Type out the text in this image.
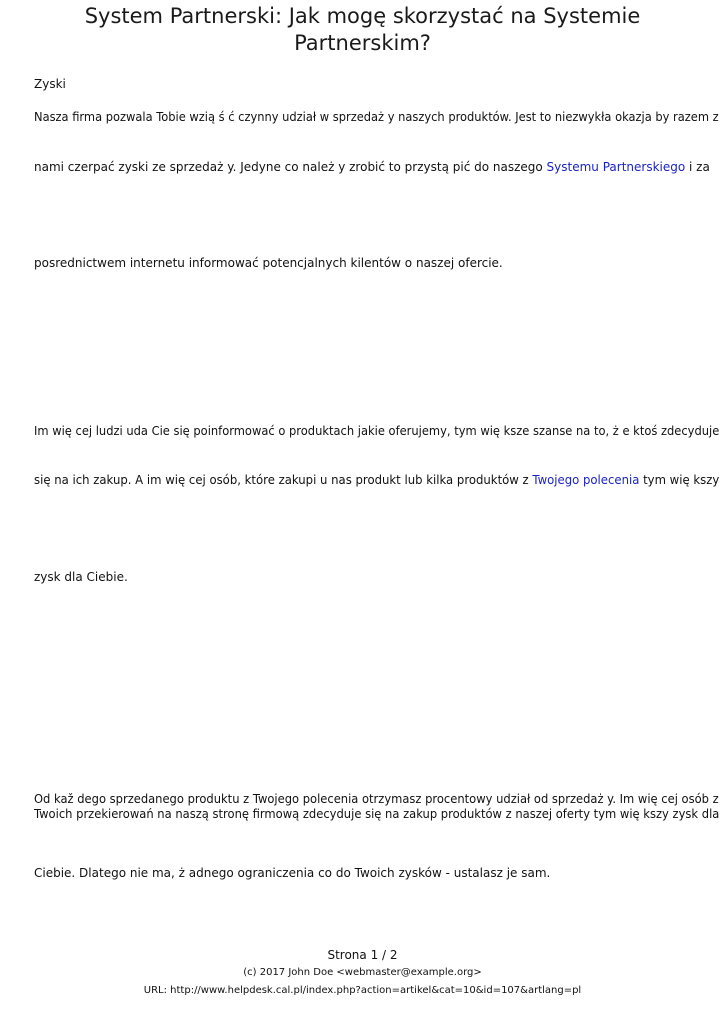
System Partnerski: Jak mogę skorzystać na Systemie Partnerskim?
Zyski
Nasza firma pozwala Tobie wzią ś ć czynny udział w sprzedaż y naszych produktów. Jest to niezwykła okazja by razem z
nami czerpać zyski ze sprzedaż y. Jedyne co należ y zrobić to przystą pić do naszego Systemu Partnerskiego i za
posrednictwem internetu informować potencjalnych kilentów o naszej ofercie.
Im wię cej ludzi uda Cie się poinformować o produktach jakie oferujemy, tym wię ksze szanse na to, ż e ktoś zdecyduje
się na ich zakup. A im wię cej osób, które zakupi u nas produkt lub kilka produktów z Twojego polecenia tym wię kszy
zysk dla Ciebie.
Od kaž dego sprzedanego produktu z Twojego polecenia otrzymasz procentowy udział od sprzedaż y. Im wię cej osób z
Twoich przekierowań na naszą stronę firmową zdecyduje się na zakup produktów z naszej oferty tym wię kszy zysk dla
Ciebie. Dlatego nie ma, ż adnego ograniczenia co do Twoich zysków - ustalasz je sam.
Strona 1 / 2
(c) 2017 John Doe <webmaster@example.org>
URL: http://www.helpdesk.cal.pl/index.php?action=artikel&cat=10&id=107&artlang=pl
